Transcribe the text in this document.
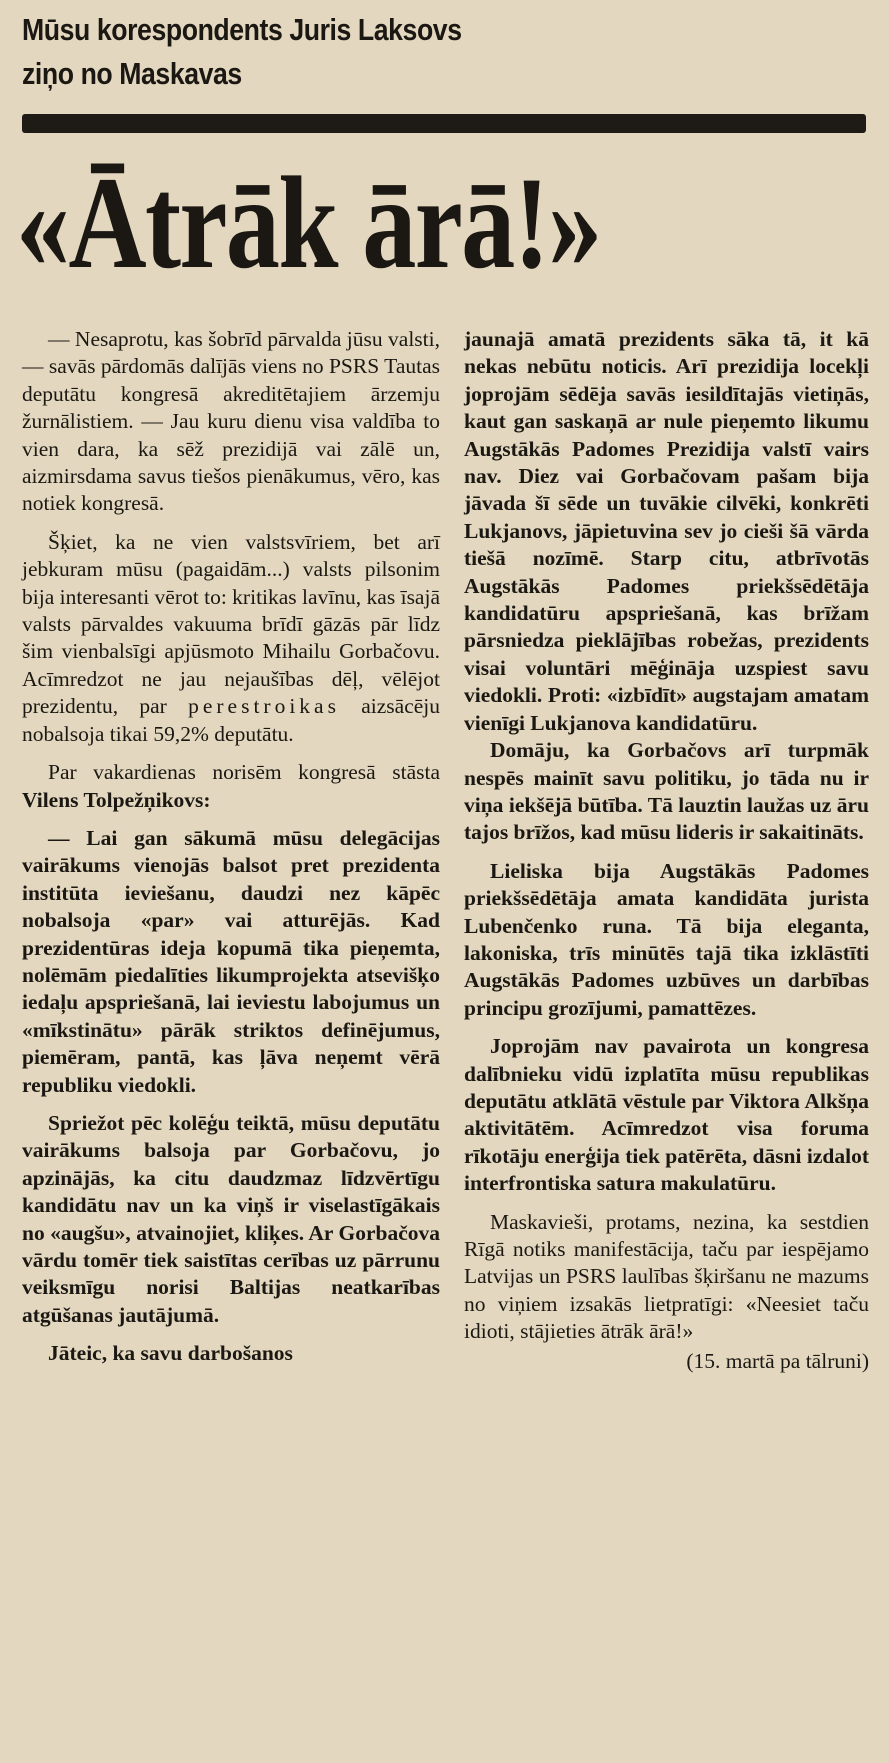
Mūsu korespondents Juris Laksovs
ziņo no Maskavas
«Ātrāk ārā!»

— Nesaprotu, kas šobrīd pārvalda jūsu valsti, — savās pārdomās dalījās viens no PSRS Tautas deputātu kongresā akreditētajiem ārzemju žurnālistiem. — Jau kuru dienu visa valdība to vien dara, ka sēž prezidijā vai zālē un, aizmirsdama savus tiešos pienākumus, vēro, kas notiek kongresā.

Šķiet, ka ne vien valstsvīriem, bet arī jebkuram mūsu (pagaidām...) valsts pilsonim bija interesanti vērot to: kritikas lavīnu, kas īsajā valsts pārvaldes vakuuma brīdī gāzās pār līdz šim vienbalsīgi apjūsmoto Mihailu Gorbačovu. Acīmredzot ne jau nejaušības dēļ, vēlējot prezidentu, par perestroikas aizsācēju nobalsoja tikai 59,2% deputātu.

Par vakardienas norisēm kongresā stāsta Vilens Tolpežņikovs:

— Lai gan sākumā mūsu delegācijas vairākums vienojās balsot pret prezidenta institūta ieviešanu, daudzi nez kāpēc nobalsoja «par» vai atturējās. Kad prezidentūras ideja kopumā tika pieņemta, nolēmām piedalīties likumprojekta atsevišķo iedaļu apspriešanā, lai ieviestu labojumus un «mīkstinātu» pārāk striktos definējumus, piemēram, pantā, kas ļāva neņemt vērā republiku viedokli.

Spriežot pēc kolēģu teiktā, mūsu deputātu vairākums balsoja par Gorbačovu, jo apzinājās, ka citu daudzmaz līdzvērtīgu kandidātu nav un ka viņš ir viselastīgākais no «augšu», atvainojiet, kliķes. Ar Gorbačova vārdu tomēr tiek saistītas cerības uz pārrunu veiksmīgu norisi Baltijas neatkarības atgūšanas jautājumā.

Jāteic, ka savu darbošanos

jaunajā amatā prezidents sāka tā, it kā nekas nebūtu noticis. Arī prezidija locekļi joprojām sēdēja savās iesildītajās vietiņās, kaut gan saskaņā ar nule pieņemto likumu Augstākās Padomes Prezidija valstī vairs nav. Diez vai Gorbačovam pašam bija jāvada šī sēde un tuvākie cilvēki, konkrēti Lukjanovs, jāpietuvina sev jo cieši šā vārda tiešā nozīmē. Starp citu, atbrīvotās Augstākās Padomes priekšsēdētāja kandidatūru apspriešanā, kas brīžam pārsniedza pieklājības robežas, prezidents visai voluntāri mēģināja uzspiest savu viedokli. Proti: «izbīdīt» augstajam amatam vienīgi Lukjanova kandidatūru.

Domāju, ka Gorbačovs arī turpmāk nespēs mainīt savu politiku, jo tāda nu ir viņa iekšējā būtība. Tā lauztin laužas uz āru tajos brīžos, kad mūsu lideris ir sakaitināts.

Lieliska bija Augstākās Padomes priekšsēdētāja amata kandidāta jurista Lubenčenko runa. Tā bija eleganta, lakoniska, trīs minūtēs tajā tika izklāstīti Augstākās Padomes uzbūves un darbības principu grozījumi, pamattēzes.

Joprojām nav pavairota un kongresa dalībnieku vidū izplatīta mūsu republikas deputātu atklātā vēstule par Viktora Alkšņa aktivitātēm. Acīmredzot visa foruma rīkotāju enerģija tiek patērēta, dāsni izdalot interfrontiska satura makulatūru.

Maskavieši, protams, nezina, ka sestdien Rīgā notiks manifestācija, taču par iespējamo Latvijas un PSRS laulības šķiršanu ne mazums no viņiem izsakās lietpratīgi: «Neesiet taču idioti, stājieties ātrāk ārā!»

(15. martā pa tālruni)
